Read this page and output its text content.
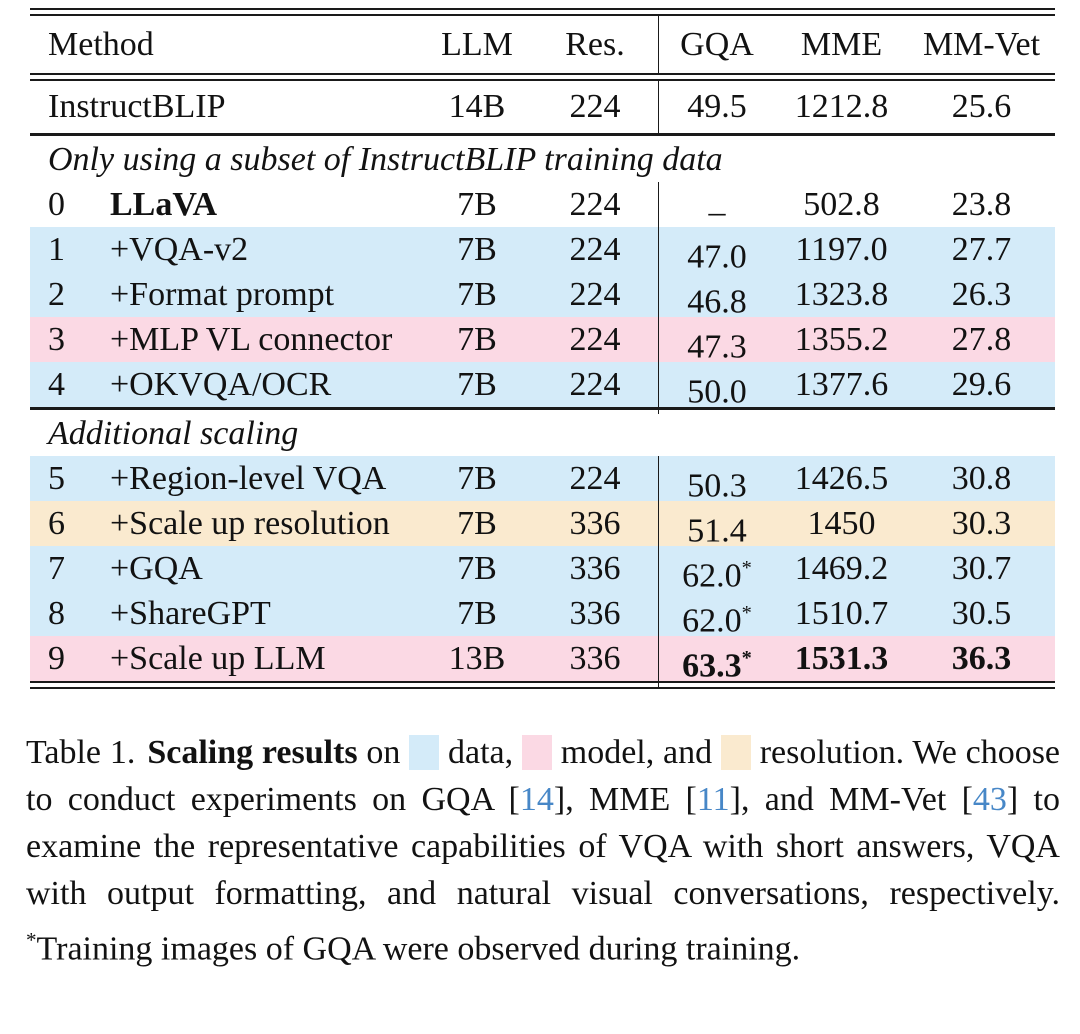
Method	LLM	Res.	GQA	MME	MM-Vet
InstructBLIP	14B	224	49.5	1212.8	25.6
Only using a subset of InstructBLIP training data
0	LLaVA	7B	224	–	502.8	23.8
1	+VQA-v2	7B	224	47.0	1197.0	27.7
2	+Format prompt	7B	224	46.8	1323.8	26.3
3	+MLP VL connector	7B	224	47.3	1355.2	27.8
4	+OKVQA/OCR	7B	224	50.0	1377.6	29.6
Additional scaling
5	+Region-level VQA	7B	224	50.3	1426.5	30.8
6	+Scale up resolution	7B	336	51.4	1450	30.3
7	+GQA	7B	336	62.0*	1469.2	30.7
8	+ShareGPT	7B	336	62.0*	1510.7	30.5
9	+Scale up LLM	13B	336	63.3*	1531.3	36.3

Table 1. Scaling results on  data,  model, and  resolution. We choose to conduct experiments on GQA [14], MME [11], and MM-Vet [43] to examine the representative capabilities of VQA with short answers, VQA with output formatting, and natural visual conversations, respectively. *Training images of GQA were observed during training.
